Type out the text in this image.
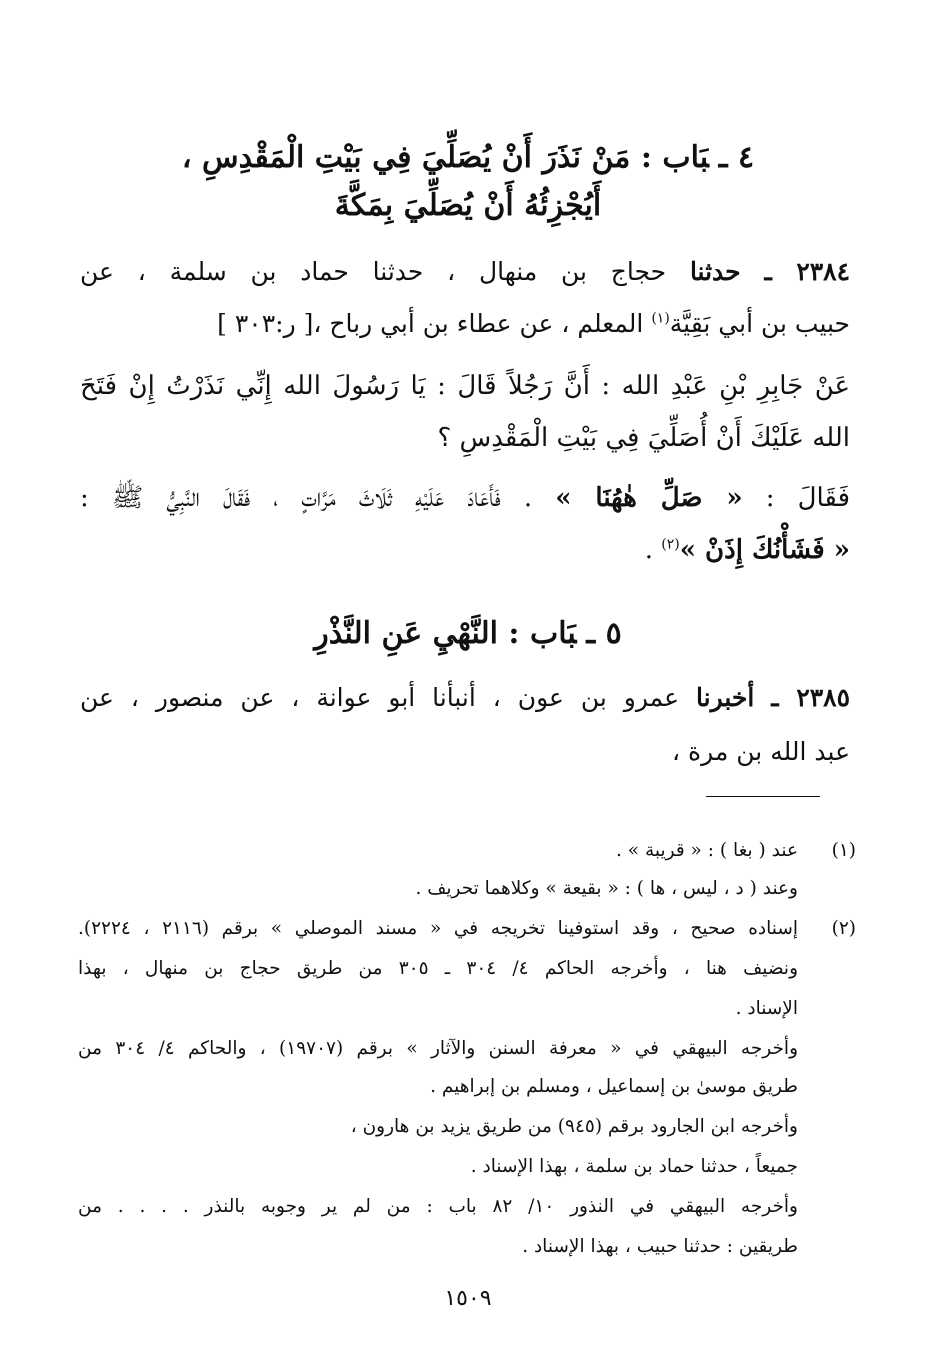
٤ ـبَاب : مَنْ نَذَرَ أَنْ يُصَلِّيَ فِي بَيْتِ الْمَقْدِسِ ،
أَيُجْزِئُهُ أَنْ يُصَلِّيَ بِمَكَّةَ
٢٣٨٤ ـ حدثنا حجاج بن منهال ، حدثنا حماد بن سلمة ، عن
حبيب بن أبي بَقِيَّة$^{(١)}$ المعلم ، عن عطاء بن أبي رباح ،[ ر:٣٠٣ ]
عَنْ جَابِرِ بْنِ عَبْدِ الله : أَنَّ رَجُلاً قَالَ : يَا رَسُولَ الله إِنِّي نَذَرْتُ إِنْ فَتَحَ
الله عَلَيْكَ أَنْ أُصَلِّيَ فِي بَيْتِ الْمَقْدِسِ ؟
فَقَالَ : « صَلِّ هٰهُنَا » . فَأَعَادَ عَلَيْهِ ثَلَاثَ مَرَّاتٍ ، فَقَالَ النَّبِيُّ ﷺ :
« فَشَأْنُكَ إِذَنْ »$^{(٢)}$ .
٥ ـبَاب : النَّهْيِ عَنِ النَّذْرِ
٢٣٨٥ ـ أخبرنا عمرو بن عون ، أنبأنا أبو عوانة ، عن منصور ، عن
عبد الله بن مرة ،
(١)
عند ( بغا ) : « قريبة » .
وعند ( د ، ليس ، ها ) : « بقيعة » وكلاهما تحريف .
(٢)
إسناده صحيح ، وقد استوفينا تخريجه في « مسند الموصلي » برقم (٢١١٦ ، ٢٢٢٤).
ونضيف هنا ، وأخرجه الحاكم ٤/ ٣٠٤ ـ ٣٠٥ من طريق حجاج بن منهال ، بهذا
الإسناد .
وأخرجه البيهقي في « معرفة السنن والآثار » برقم (١٩٧٠٧) ، والحاكم ٤/ ٣٠٤ من
طريق موسىٰ بن إسماعيل ، ومسلم بن إبراهيم .
وأخرجه ابن الجارود برقم (٩٤٥) من طريق يزيد بن هارون ،
جميعاً ، حدثنا حماد بن سلمة ، بهذا الإسناد .
وأخرجه البيهقي في النذور ١٠/ ٨٢ باب : من لم ير وجوبه بالنذر . . . . من
طريقين : حدثنا حبيب ، بهذا الإسناد .
١٥٠٩
